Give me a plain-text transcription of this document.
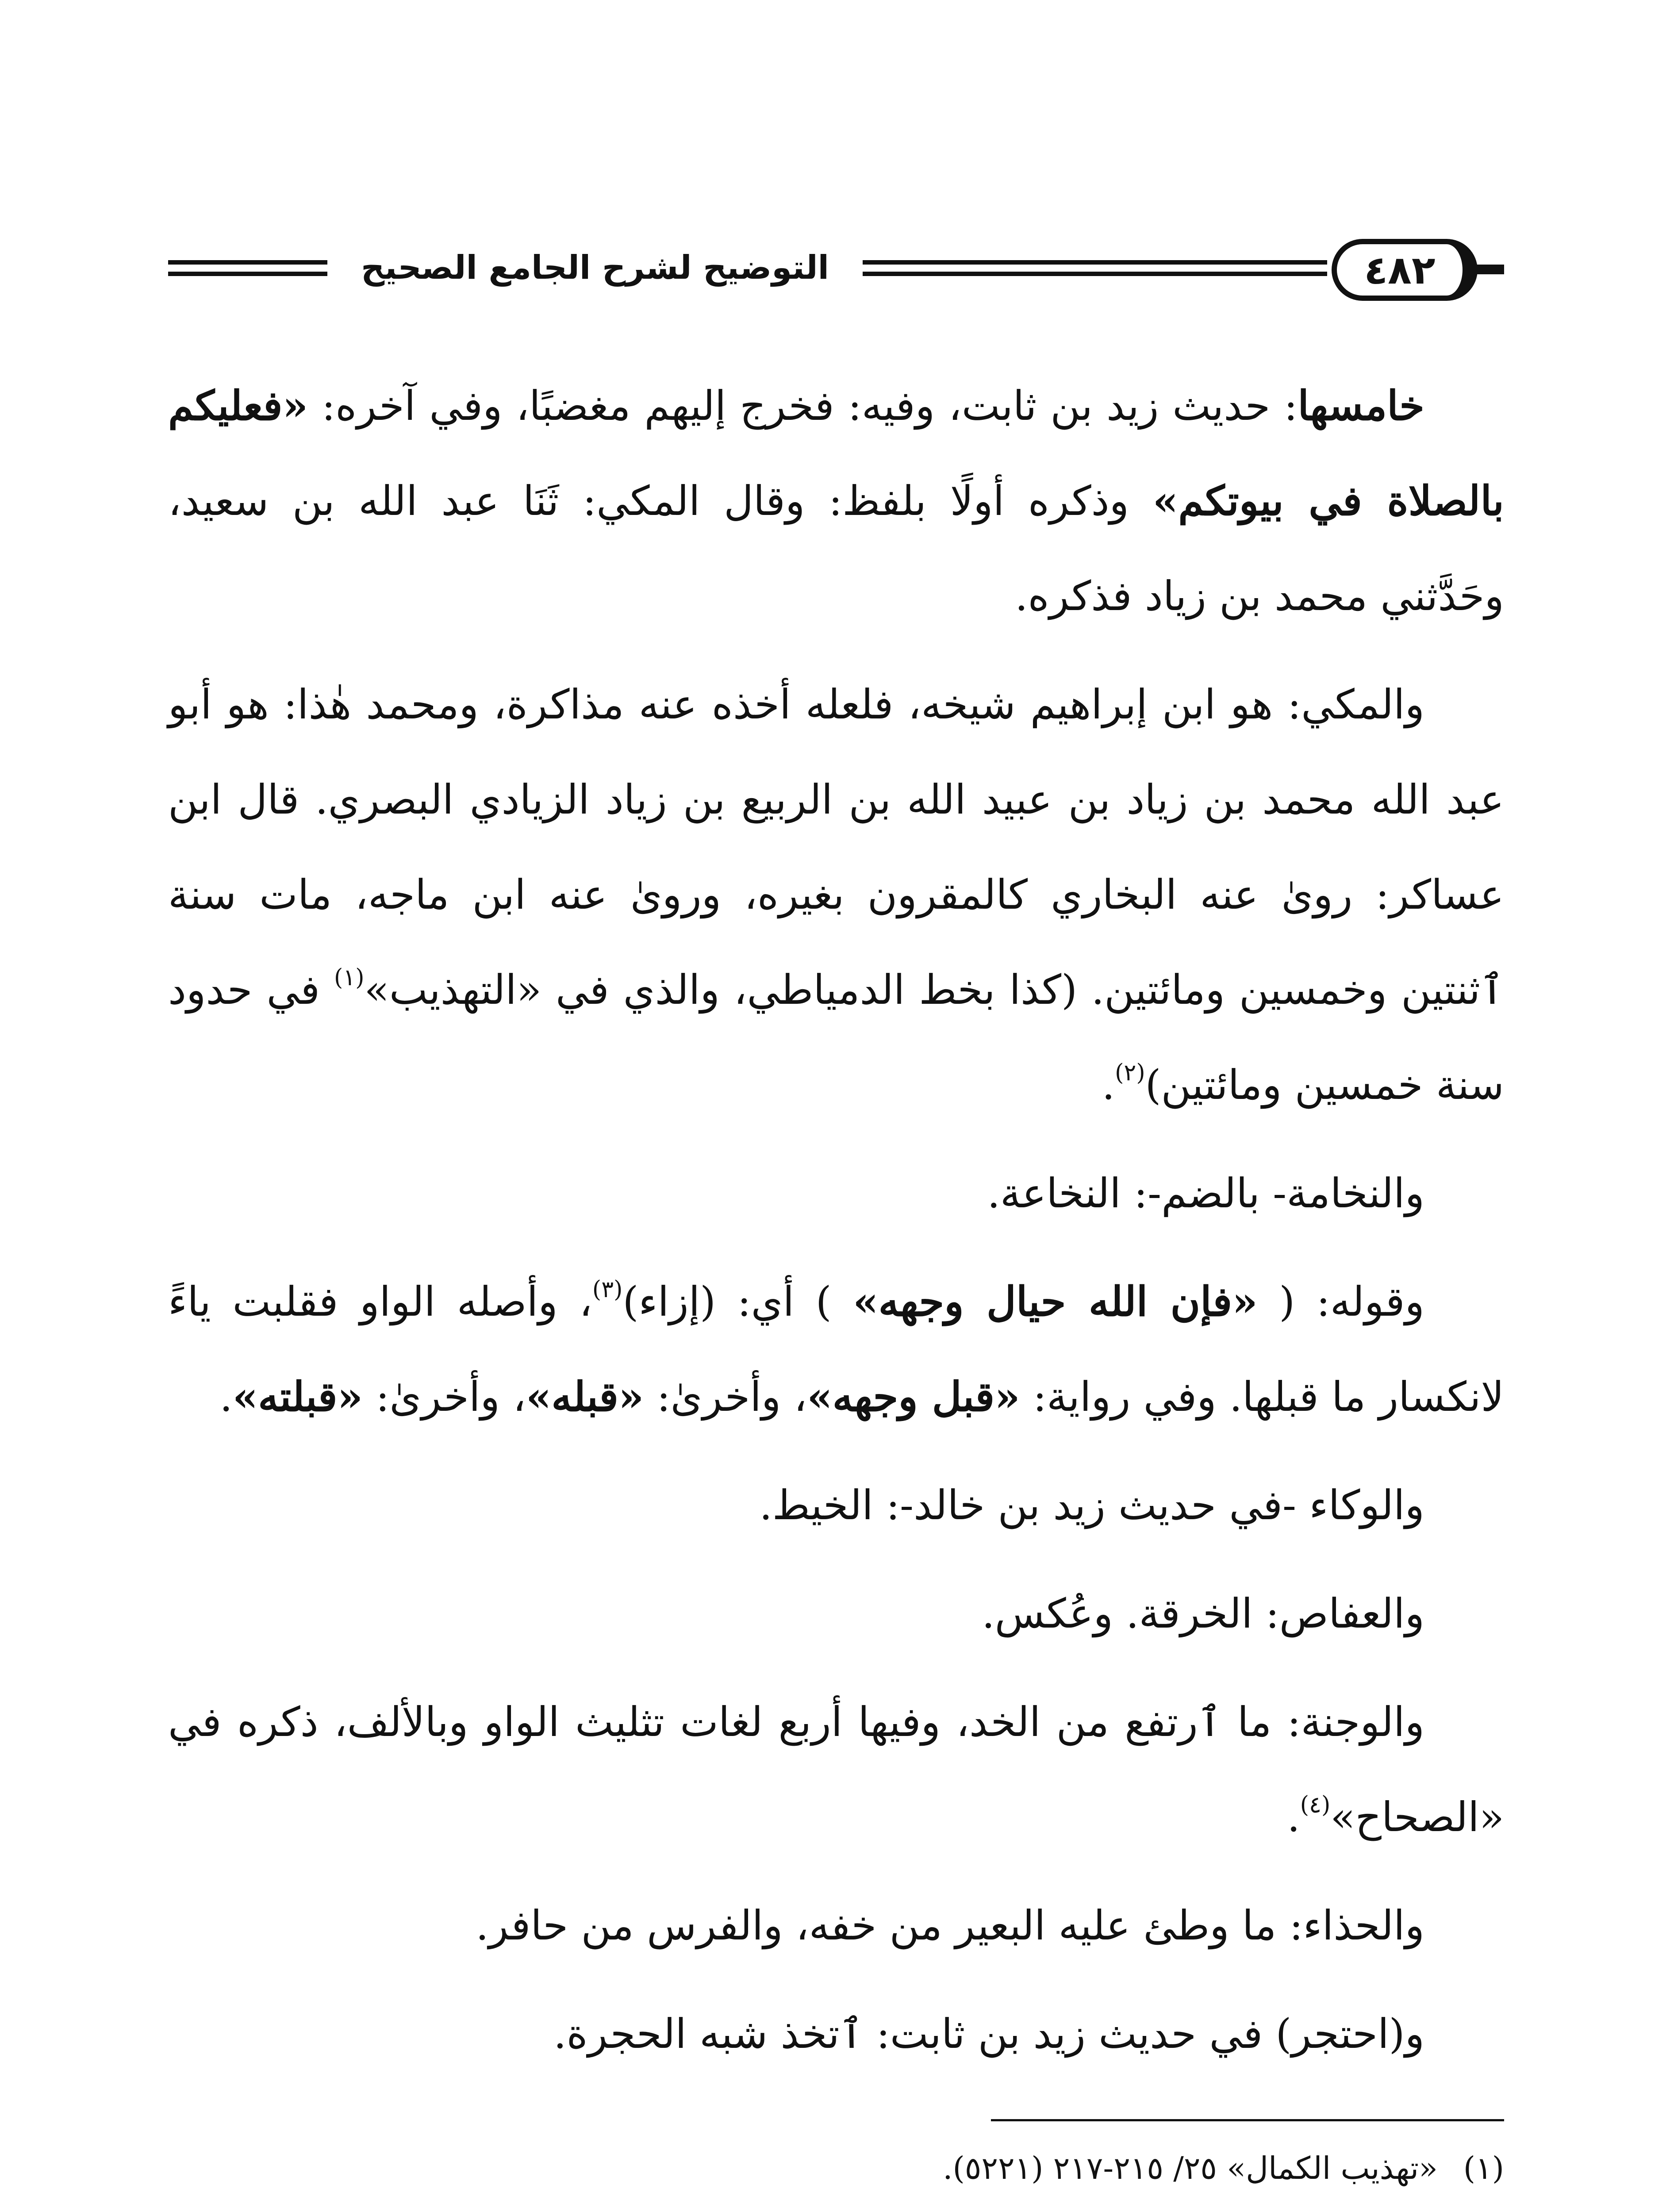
٤٨٢
التوضيح لشرح الجامع الصحيح

خامسها: حديث زيد بن ثابت، وفيه: فخرج إليهم مغضبًا، وفي آخره: «فعليكم بالصلاة في بيوتكم» وذكره أولًا بلفظ: وقال المكي: ثَنَا عبد الله بن سعيد، وحَدَّثني محمد بن زياد فذكره.

والمكي: هو ابن إبراهيم شيخه، فلعله أخذه عنه مذاكرة، ومحمد هٰذا: هو أبو عبد الله محمد بن زياد بن عبيد الله بن الربيع بن زياد الزيادي البصري. قال ابن عساكر: روىٰ عنه البخاري كالمقرون بغيره، وروىٰ عنه ابن ماجه، مات سنة ٱثنتين وخمسين ومائتين. (كذا بخط الدمياطي، والذي في «التهذيب»$^{(١)}$ في حدود سنة خمسين ومائتين)$^{(٢)}$.

والنخامة- بالضم-: النخاعة.

وقوله: ( «فإن الله حيال وجهه» ) أي: (إزاء)$^{(٣)}$، وأصله الواو فقلبت ياءً لانكسار ما قبلها. وفي رواية: «قبل وجهه»، وأخرىٰ: «قبله»، وأخرىٰ: «قبلته».

والوكاء -في حديث زيد بن خالد-: الخيط.

والعفاص: الخرقة. وعُكس.

والوجنة: ما ٱرتفع من الخد، وفيها أربع لغات تثليث الواو وبالألف، ذكره في «الصحاح»$^{(٤)}$.

والحذاء: ما وطئ عليه البعير من خفه، والفرس من حافر.

و(احتجر) في حديث زيد بن ثابت: ٱتخذ شبه الحجرة.

(١)
«تهذيب الكمال» ٢٥/ ٢١٥-٢١٧ (٥٢٢١).
